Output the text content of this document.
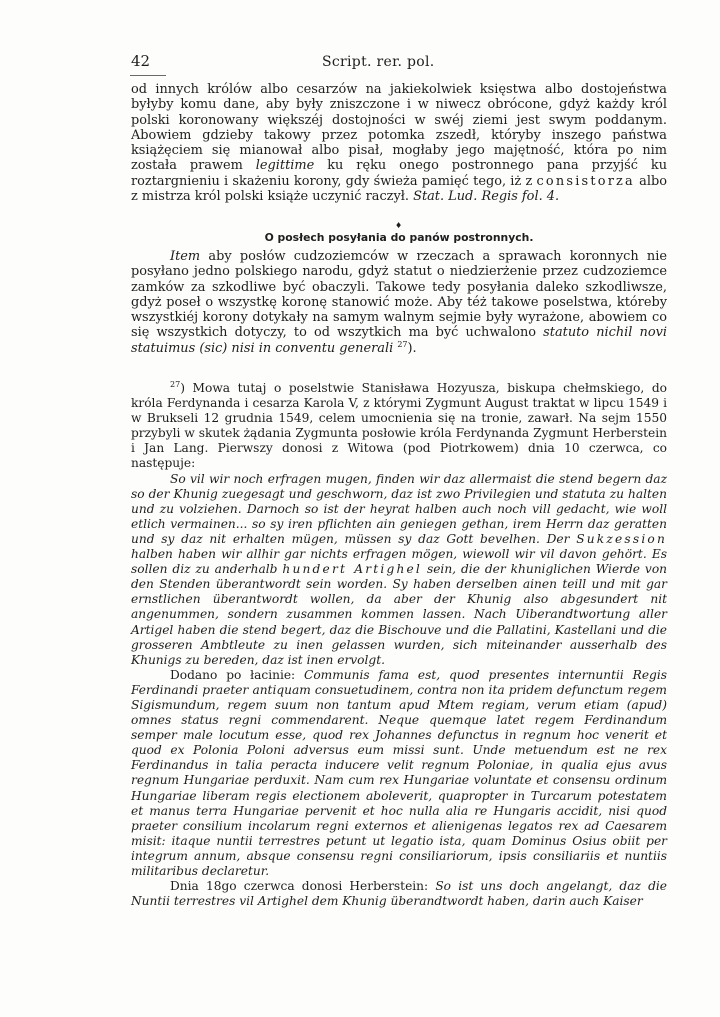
42	Script. rer. pol.

od innych królów albo cesarzów na jakiekolwiek księstwa albo dostojeństwa byłyby komu dane, aby były zniszczone i w niwecz obrócone, gdyż każdy król polski koronowany większéj dostojności w swéj ziemi jest swym poddanym. Abowiem gdzieby takowy przez potomka zszedł, któryby inszego państwa książęciem się mianował albo pisał, mogłaby jego majętność, która po nim została prawem legittime ku ręku onego postronnego pana przyjść ku roztargnieniu i skażeniu korony, gdy świeża pamięć tego, iż z consistorza albo z mistrza król polski książe uczynić raczył. Stat. Lud. Regis fol. 4.

♦
O posłech posyłania do panów postronnych.

Item aby posłów cudzoziemców w rzeczach a sprawach koronnych nie posyłano jedno polskiego narodu, gdyż statut o niedzierżenie przez cudzoziemce zamków za szkodliwe być obaczyli. Takowe tedy posyłania daleko szkodliwsze, gdyż poseł o wszystkę koronę stanowić może. Aby téż takowe poselstwa, któreby wszystkiéj korony dotykały na samym walnym sejmie były wyrażone, abowiem co się wszystkich dotyczy, to od wszytkich ma być uchwalono statuto nichil novi statuimus (sic) nisi in conventu generali $^{27}$).

$^{27}$) Mowa tutaj o poselstwie Stanisława Hozyusza, biskupa chełmskiego, do króla Ferdynanda i cesarza Karola V, z którymi Zygmunt August traktat w lipcu 1549 i w Brukseli 12 grudnia 1549, celem umocnienia się na tronie, zawarł. Na sejm 1550 przybyli w skutek żądania Zygmunta posłowie króla Ferdynanda Zygmunt Herberstein i Jan Lang. Pierwszy donosi z Witowa (pod Piotrkowem) dnia 10 czerwca, co następuje:

So vil wir noch erfragen mugen, finden wir daz allermaist die stend begern daz so der Khunig zuegesagt und geschworn, daz ist zwo Privilegien und statuta zu halten und zu volziehen. Darnoch so ist der heyrat halben auch noch vill gedacht, wie woll etlich vermainen... so sy iren pflichten ain geniegen gethan, irem Herrn daz geratten und sy daz nit erhalten mügen, müssen sy daz Gott bevelhen. Der Sukzession halben haben wir allhir gar nichts erfragen mögen, wiewoll wir vil davon gehört. Es sollen diz zu anderhalb hundert Artighel sein, die der khuniglichen Wierde von den Stenden überantwordt sein worden. Sy haben derselben ainen teill und mit gar ernstlichen überantwordt wollen, da aber der Khunig also abgesundert nit angenummen, sondern zusammen kommen lassen. Nach Uiberandtwortung aller Artigel haben die stend begert, daz die Bischouve und die Pallatini, Kastellani und die grosseren Ambtleute zu inen gelassen wurden, sich miteinander ausserhalb des Khunigs zu bereden, daz ist inen ervolgt.

Dodano po łacinie: Communis fama est, quod presentes internuntii Regis Ferdinandi praeter antiquam consuetudinem, contra non ita pridem defunctum regem Sigismundum, regem suum non tantum apud Mtem regiam, verum etiam (apud) omnes status regni commendarent. Neque quemque latet regem Ferdinandum semper male locutum esse, quod rex Johannes defunctus in regnum hoc venerit et quod ex Polonia Poloni adversus eum missi sunt. Unde metuendum est ne rex Ferdinandus in talia peracta inducere velit regnum Poloniae, in qualia ejus avus regnum Hungariae perduxit. Nam cum rex Hungariae voluntate et consensu ordinum Hungariae liberam regis electionem aboleverit, quapropter in Turcarum potestatem et manus terra Hungariae pervenit et hoc nulla alia re Hungaris accidit, nisi quod praeter consilium incolarum regni externos et alienigenas legatos rex ad Caesarem misit: itaque nuntii terrestres petunt ut legatio ista, quam Dominus Osius obiit per integrum annum, absque consensu regni consiliariorum, ipsis consiliariis et nuntiis militaribus declaretur.

Dnia 18go czerwca donosi Herberstein: So ist uns doch angelangt, daz die Nuntii terrestres vil Artighel dem Khunig überandtwordt haben, darin auch Kaiser
